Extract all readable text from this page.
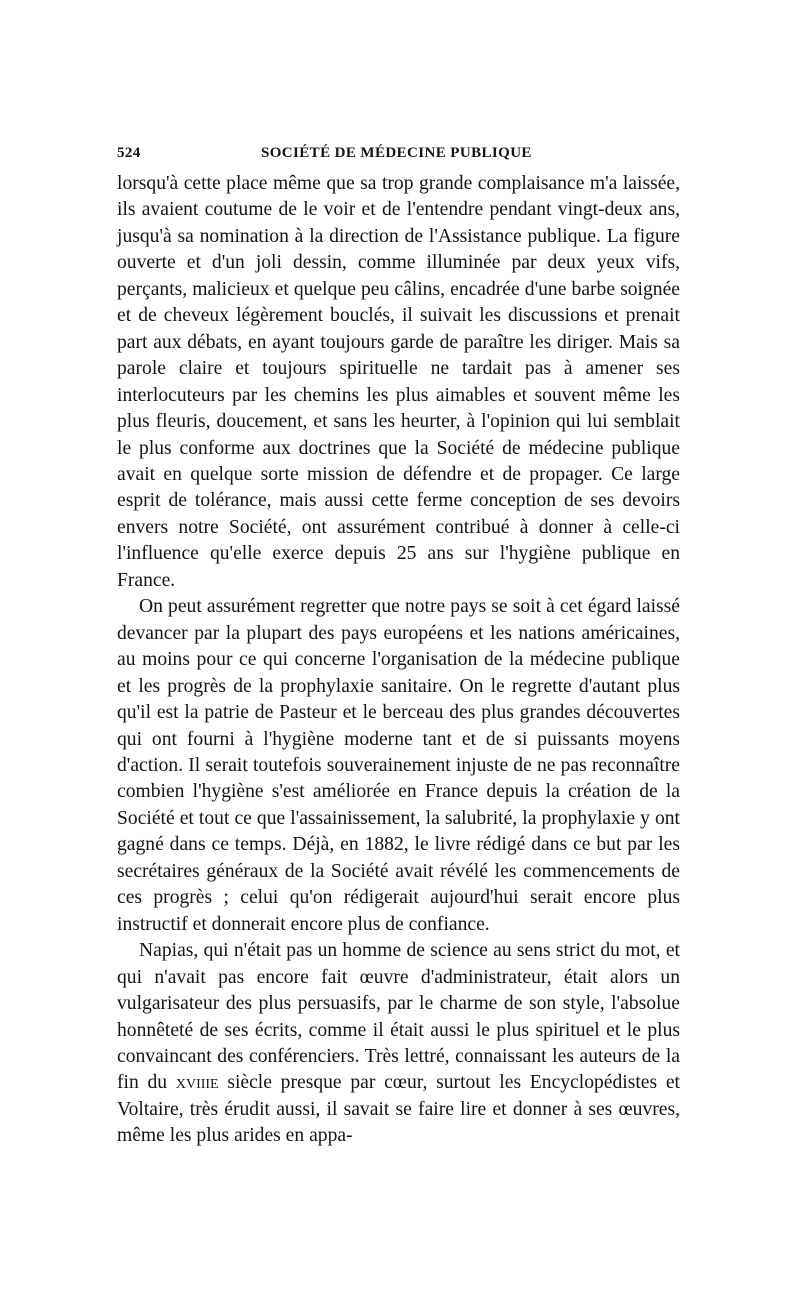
524	SOCIÉTÉ DE MÉDECINE PUBLIQUE

lorsqu'à cette place même que sa trop grande complaisance m'a laissée, ils avaient coutume de le voir et de l'entendre pendant vingt-deux ans, jusqu'à sa nomination à la direction de l'Assistance publique. La figure ouverte et d'un joli dessin, comme illuminée par deux yeux vifs, perçants, malicieux et quelque peu câlins, encadrée d'une barbe soignée et de cheveux légèrement bouclés, il suivait les discussions et prenait part aux débats, en ayant toujours garde de paraître les diriger. Mais sa parole claire et toujours spirituelle ne tardait pas à amener ses interlocuteurs par les chemins les plus aimables et souvent même les plus fleuris, doucement, et sans les heurter, à l'opinion qui lui semblait le plus conforme aux doctrines que la Société de médecine publique avait en quelque sorte mission de défendre et de propager. Ce large esprit de tolérance, mais aussi cette ferme conception de ses devoirs envers notre Société, ont assurément contribué à donner à celle-ci l'influence qu'elle exerce depuis 25 ans sur l'hygiène publique en France.

On peut assurément regretter que notre pays se soit à cet égard laissé devancer par la plupart des pays européens et les nations américaines, au moins pour ce qui concerne l'organisation de la médecine publique et les progrès de la prophylaxie sanitaire. On le regrette d'autant plus qu'il est la patrie de Pasteur et le berceau des plus grandes découvertes qui ont fourni à l'hygiène moderne tant et de si puissants moyens d'action. Il serait toutefois souverainement injuste de ne pas reconnaître combien l'hygiène s'est améliorée en France depuis la création de la Société et tout ce que l'assainissement, la salubrité, la prophylaxie y ont gagné dans ce temps. Déjà, en 1882, le livre rédigé dans ce but par les secrétaires généraux de la Société avait révélé les commencements de ces progrès ; celui qu'on rédigerait aujourd'hui serait encore plus instructif et donnerait encore plus de confiance.

Napias, qui n'était pas un homme de science au sens strict du mot, et qui n'avait pas encore fait œuvre d'administrateur, était alors un vulgarisateur des plus persuasifs, par le charme de son style, l'absolue honnêteté de ses écrits, comme il était aussi le plus spirituel et le plus convaincant des conférenciers. Très lettré, connaissant les auteurs de la fin du xviiie siècle presque par cœur, surtout les Encyclopédistes et Voltaire, très érudit aussi, il savait se faire lire et donner à ses œuvres, même les plus arides en appa-
